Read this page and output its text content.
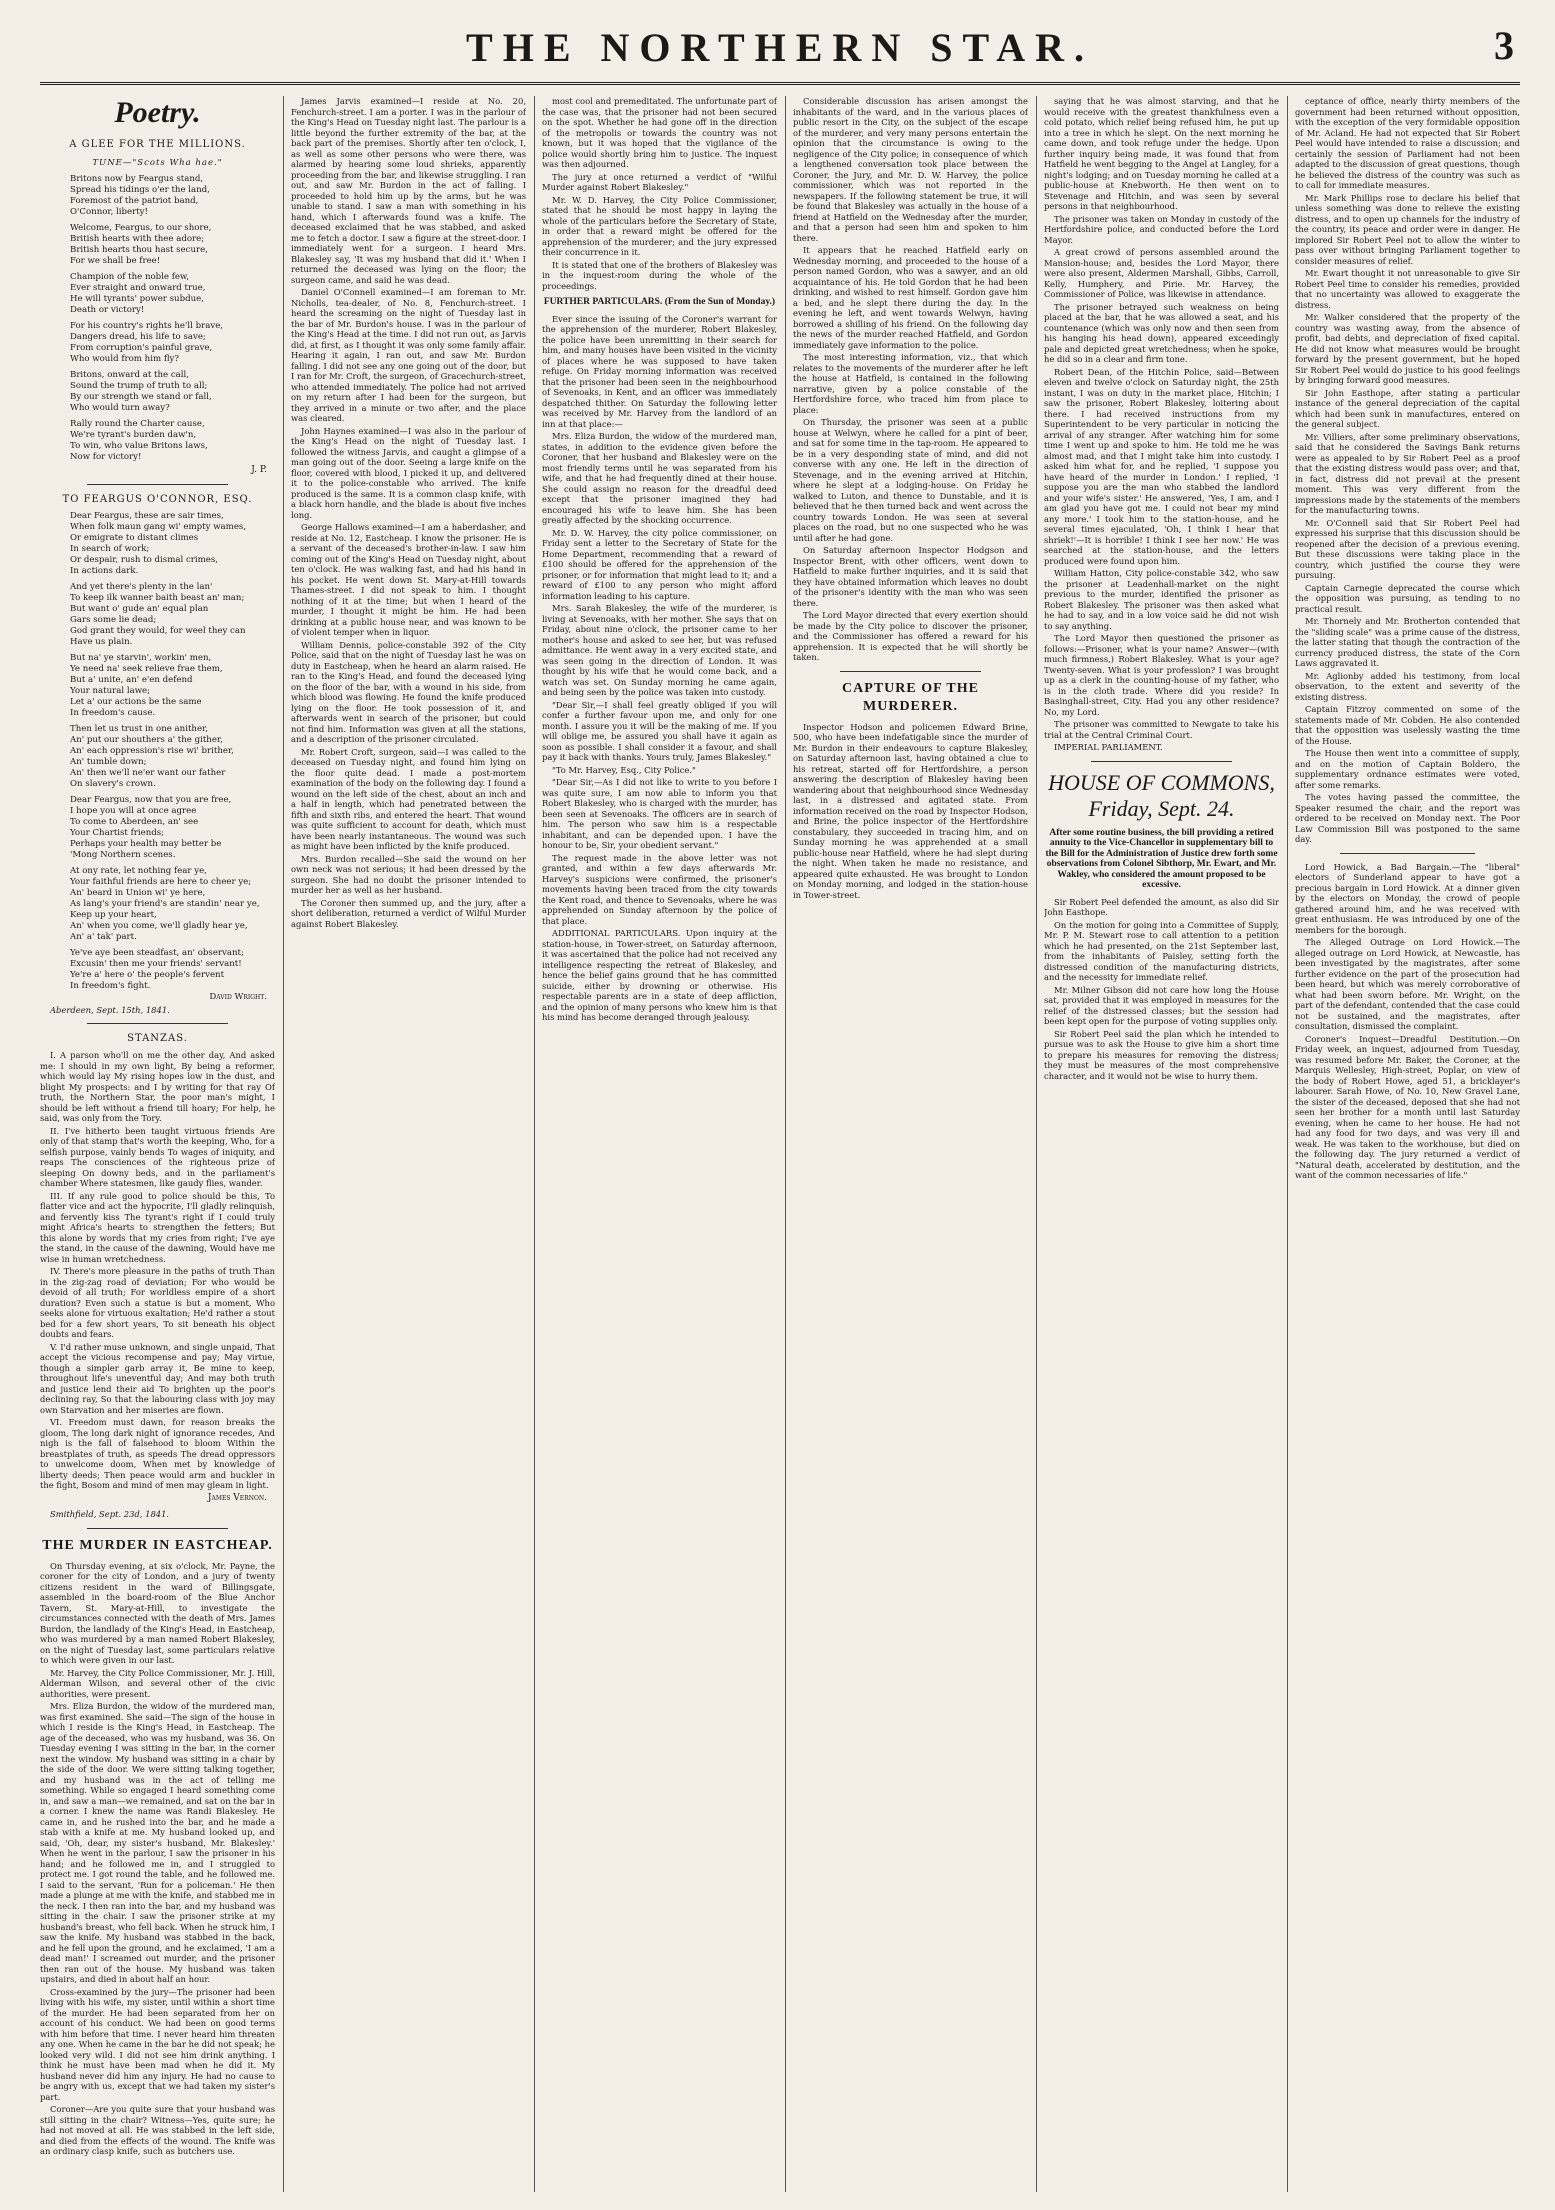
THE NORTHERN STAR.	3
Poetry.
A GLEE FOR THE MILLIONS.
TUNE—"Scots Wha hae."
Britons now by Feargus stand,
Spread his tidings o'er the land,
Foremost of the patriot band,
O'Connor, liberty!
Welcome, Feargus, to our shore,
British hearts with thee adore;
British hearts thou hast secure,
For we shall be free!
Champion of the noble few,
Ever straight and onward true,
He will tyrants' power subdue,
Death or victory!
For his country's rights he'll brave,
Dangers dread, his life to save;
From corruption's painful grave,
Who would from him fly?
Britons, onward at the call,
Sound the trump of truth to all;
By our strength we stand or fall,
Who would turn away?
Rally round the Charter cause,
We're tyrant's burden daw'n,
To win, who value Britons laws,
Now for victory!
J. P.
TO FEARGUS O'CONNOR, ESQ.
Dear Feargus, these are sair times,
When folk maun gang wi' empty wames,
Or emigrate to distant climes
In search of work;
Or despair, rush to dismal crimes,
In actions dark.
And yet there's plenty in the lan'
To keep ilk wanner baith beast an' man;
But want o' gude an' equal plan
Gars some lie dead;
God grant they would, for weel they can
Have us plain.
But na' ye starvin', workin' men,
Ye need na' seek relieve frae them,
But a' unite, an' e'en defend
Your natural lawe;
Let a' our actions be the same
In freedom's cause.
Then let us trust in one anither,
An' put our shouthers a' the gither,
An' each oppression's rise wi' brither,
An' tumble down;
An' then we'll ne'er want our father
On slavery's crown.
Dear Feargus, now that you are free,
I hope you will at once agree
To come to Aberdeen, an' see
Your Chartist friends;
Perhaps your health may better be
'Mong Northern scenes.
At ony rate, let nothing fear ye,
Your faithful friends are here to cheer ye;
An' beard in Union wi' ye here,
As lang's your friend's are standin' near ye,
Keep up your heart,
An' when you come, we'll gladly hear ye,
An' a' tak' part.
Ye've aye been steadfast, an' observant;
Excusin' then me your friends' servant!
Ye're a' here o' the people's fervent
In freedom's fight.
David Wright.
Aberdeen, Sept. 15th, 1841.
STANZAS.

I. A parson who'll on me the other day, And asked me: I should in my own light, By being a reformer, which would lay My rising hopes low in the dust, and blight My prospects: and I by writing for that ray Of truth, the Northern Star, the poor man's might, I should be left without a friend till hoary; For help, he said, was only from the Tory.

II. I've hitherto been taught virtuous friends Are only of that stamp that's worth the keeping, Who, for a selfish purpose, vainly bends To wages of iniquity, and reaps The consciences of the righteous prize of sleeping On downy beds, and in the parliament's chamber Where statesmen, like gaudy flies, wander.

III. If any rule good to police should be this, To flatter vice and act the hypocrite, I'll gladly relinquish, and fervently kiss The tyrant's right if I could truly might Africa's hearts to strengthen the fetters; But this alone by words that my cries from right; I've aye the stand, in the cause of the dawning, Would have me wise in human wretchedness.

IV. There's more pleasure in the paths of truth Than in the zig-zag road of deviation; For who would be devoid of all truth; For worldless empire of a short duration? Even such a statue is but a moment, Who seeks alone for virtuous exaltation; He'd rather a stout bed for a few short years, To sit beneath his object doubts and fears.

V. I'd rather muse unknown, and single unpaid, That accept the vicious recompense and pay; May virtue, though a simpler garb array it, Be mine to keep, throughout life's uneventful day; And may both truth and justice lend their aid To brighten up the poor's declining ray, So that the labouring class with joy may own Starvation and her miseries are flown.

VI. Freedom must dawn, for reason breaks the gloom, The long dark night of ignorance recedes, And nigh is the fall of falsehood to bloom Within the breastplates of truth, as speeds The dread oppressors to unwelcome doom, When met by knowledge of liberty deeds; Then peace would arm and buckler in the fight, Bosom and mind of men may gleam in light.

James Vernon.
Smithfield, Sept. 23d, 1841.
THE MURDER IN EASTCHEAP.

On Thursday evening, at six o'clock, Mr. Payne, the coroner for the city of London, and a jury of twenty citizens resident in the ward of Billingsgate, assembled in the board-room of the Blue Anchor Tavern, St. Mary-at-Hill, to investigate the circumstances connected with the death of Mrs. James Burdon, the landlady of the King's Head, in Eastcheap, who was murdered by a man named Robert Blakesley, on the night of Tuesday last, some particulars relative to which were given in our last.

Mr. Harvey, the City Police Commissioner, Mr. J. Hill, Alderman Wilson, and several other of the civic authorities, were present.

Mrs. Eliza Burdon, the widow of the murdered man, was first examined. She said—The sign of the house in which I reside is the King's Head, in Eastcheap. The age of the deceased, who was my husband, was 36. On Tuesday evening I was sitting in the bar, in the corner next the window. My husband was sitting in a chair by the side of the door. We were sitting talking together, and my husband was in the act of telling me something. While so engaged I heard something come in, and saw a man—we remained, and sat on the bar in a corner. I knew the name was Randi Blakesley. He came in, and he rushed into the bar, and he made a stab with a knife at me. My husband looked up, and said, 'Oh, dear, my sister's husband, Mr. Blakesley.' When he went in the parlour, I saw the prisoner in his hand; and he followed me in, and I struggled to protect me. I got round the table, and he followed me. I said to the servant, 'Run for a policeman.' He then made a plunge at me with the knife, and stabbed me in the neck. I then ran into the bar, and my husband was sitting in the chair. I saw the prisoner strike at my husband's breast, who fell back. When he struck him, I saw the knife. My husband was stabbed in the back, and he fell upon the ground, and he exclaimed, 'I am a dead man!' I screamed out murder, and the prisoner then ran out of the house. My husband was taken upstairs, and died in about half an hour.

Cross-examined by the jury—The prisoner had been living with his wife, my sister, until within a short time of the murder. He had been separated from her on account of his conduct. We had been on good terms with him before that time. I never heard him threaten any one. When he came in the bar he did not speak; he looked very wild. I did not see him drink anything. I think he must have been mad when he did it. My husband never did him any injury. He had no cause to be angry with us, except that we had taken my sister's part.

Coroner—Are you quite sure that your husband was still sitting in the chair? Witness—Yes, quite sure; he had not moved at all. He was stabbed in the left side, and died from the effects of the wound. The knife was an ordinary clasp knife, such as butchers use.

James Jarvis examined—I reside at No. 20, Fenchurch-street. I am a porter. I was in the parlour of the King's Head on Tuesday night last. The parlour is a little beyond the further extremity of the bar, at the back part of the premises. Shortly after ten o'clock, I, as well as some other persons who were there, was alarmed by hearing some loud shrieks, apparently proceeding from the bar, and likewise struggling. I ran out, and saw Mr. Burdon in the act of falling. I proceeded to hold him up by the arms, but he was unable to stand. I saw a man with something in his hand, which I afterwards found was a knife. The deceased exclaimed that he was stabbed, and asked me to fetch a doctor. I saw a figure at the street-door. I immediately went for a surgeon. I heard Mrs. Blakesley say, 'It was my husband that did it.' When I returned the deceased was lying on the floor; the surgeon came, and said he was dead.

Daniel O'Connell examined—I am foreman to Mr. Nicholls, tea-dealer, of No. 8, Fenchurch-street. I heard the screaming on the night of Tuesday last in the bar of Mr. Burdon's house. I was in the parlour of the King's Head at the time. I did not run out, as Jarvis did, at first, as I thought it was only some family affair. Hearing it again, I ran out, and saw Mr. Burdon falling. I did not see any one going out of the door, but I ran for Mr. Croft, the surgeon, of Gracechurch-street, who attended immediately. The police had not arrived on my return after I had been for the surgeon, but they arrived in a minute or two after, and the place was cleared.

John Haynes examined—I was also in the parlour of the King's Head on the night of Tuesday last. I followed the witness Jarvis, and caught a glimpse of a man going out of the door. Seeing a large knife on the floor, covered with blood, I picked it up, and delivered it to the police-constable who arrived. The knife produced is the same. It is a common clasp knife, with a black horn handle, and the blade is about five inches long.

George Hallows examined—I am a haberdasher, and reside at No. 12, Eastcheap. I know the prisoner. He is a servant of the deceased's brother-in-law. I saw him coming out of the King's Head on Tuesday night, about ten o'clock. He was walking fast, and had his hand in his pocket. He went down St. Mary-at-Hill towards Thames-street. I did not speak to him. I thought nothing of it at the time; but when I heard of the murder, I thought it might be him. He had been drinking at a public house near, and was known to be of violent temper when in liquor.

William Dennis, police-constable 392 of the City Police, said that on the night of Tuesday last he was on duty in Eastcheap, when he heard an alarm raised. He ran to the King's Head, and found the deceased lying on the floor of the bar, with a wound in his side, from which blood was flowing. He found the knife produced lying on the floor. He took possession of it, and afterwards went in search of the prisoner, but could not find him. Information was given at all the stations, and a description of the prisoner circulated.

Mr. Robert Croft, surgeon, said—I was called to the deceased on Tuesday night, and found him lying on the floor quite dead. I made a post-mortem examination of the body on the following day. I found a wound on the left side of the chest, about an inch and a half in length, which had penetrated between the fifth and sixth ribs, and entered the heart. That wound was quite sufficient to account for death, which must have been nearly instantaneous. The wound was such as might have been inflicted by the knife produced.

Mrs. Burdon recalled—She said the wound on her own neck was not serious; it had been dressed by the surgeon. She had no doubt the prisoner intended to murder her as well as her husband.

The Coroner then summed up, and the jury, after a short deliberation, returned a verdict of Wilful Murder against Robert Blakesley.

most cool and premeditated. The unfortunate part of the case was, that the prisoner had not been secured on the spot. Whether he had gone off in the direction of the metropolis or towards the country was not known, but it was hoped that the vigilance of the police would shortly bring him to justice. The inquest was then adjourned.

The jury at once returned a verdict of "Wilful Murder against Robert Blakesley."

Mr. W. D. Harvey, the City Police Commissioner, stated that he should be most happy in laying the whole of the particulars before the Secretary of State, in order that a reward might be offered for the apprehension of the murderer; and the jury expressed their concurrence in it.

It is stated that one of the brothers of Blakesley was in the inquest-room during the whole of the proceedings.

FURTHER PARTICULARS. (From the Sun of Monday.)

Ever since the issuing of the Coroner's warrant for the apprehension of the murderer, Robert Blakesley, the police have been unremitting in their search for him, and many houses have been visited in the vicinity of places where he was supposed to have taken refuge. On Friday morning information was received that the prisoner had been seen in the neighbourhood of Sevenoaks, in Kent, and an officer was immediately despatched thither. On Saturday the following letter was received by Mr. Harvey from the landlord of an inn at that place:—

Mrs. Eliza Burdon, the widow of the murdered man, states, in addition to the evidence given before the Coroner, that her husband and Blakesley were on the most friendly terms until he was separated from his wife, and that he had frequently dined at their house. She could assign no reason for the dreadful deed except that the prisoner imagined they had encouraged his wife to leave him. She has been greatly affected by the shocking occurrence.

Mr. D. W. Harvey, the city police commissioner, on Friday sent a letter to the Secretary of State for the Home Department, recommending that a reward of £100 should be offered for the apprehension of the prisoner, or for information that might lead to it; and a reward of £100 to any person who might afford information leading to his capture.

Mrs. Sarah Blakesley, the wife of the murderer, is living at Sevenoaks, with her mother. She says that on Friday, about nine o'clock, the prisoner came to her mother's house and asked to see her, but was refused admittance. He went away in a very excited state, and was seen going in the direction of London. It was thought by his wife that he would come back, and a watch was set. On Sunday morning he came again, and being seen by the police was taken into custody.

"Dear Sir,—I shall feel greatly obliged if you will confer a further favour upon me, and only for one month. I assure you it will be the making of me. If you will oblige me, be assured you shall have it again as soon as possible. I shall consider it a favour, and shall pay it back with thanks. Yours truly, James Blakesley."

"To Mr. Harvey, Esq., City Police."

"Dear Sir,—As I did not like to write to you before I was quite sure, I am now able to inform you that Robert Blakesley, who is charged with the murder, has been seen at Sevenoaks. The officers are in search of him. The person who saw him is a respectable inhabitant, and can be depended upon. I have the honour to be, Sir, your obedient servant."

The request made in the above letter was not granted, and within a few days afterwards Mr. Harvey's suspicions were confirmed, the prisoner's movements having been traced from the city towards the Kent road, and thence to Sevenoaks, where he was apprehended on Sunday afternoon by the police of that place.

ADDITIONAL PARTICULARS. Upon inquiry at the station-house, in Tower-street, on Saturday afternoon, it was ascertained that the police had not received any intelligence respecting the retreat of Blakesley, and hence the belief gains ground that he has committed suicide, either by drowning or otherwise. His respectable parents are in a state of deep affliction, and the opinion of many persons who knew him is that his mind has become deranged through jealousy.

Considerable discussion has arisen amongst the inhabitants of the ward, and in the various places of public resort in the City, on the subject of the escape of the murderer, and very many persons entertain the opinion that the circumstance is owing to the negligence of the City police; in consequence of which a lengthened conversation took place between the Coroner, the Jury, and Mr. D. W. Harvey, the police commissioner, which was not reported in the newspapers. If the following statement be true, it will be found that Blakesley was actually in the house of a friend at Hatfield on the Wednesday after the murder, and that a person had seen him and spoken to him there.

It appears that he reached Hatfield early on Wednesday morning, and proceeded to the house of a person named Gordon, who was a sawyer, and an old acquaintance of his. He told Gordon that he had been drinking, and wished to rest himself. Gordon gave him a bed, and he slept there during the day. In the evening he left, and went towards Welwyn, having borrowed a shilling of his friend. On the following day the news of the murder reached Hatfield, and Gordon immediately gave information to the police.

The most interesting information, viz., that which relates to the movements of the murderer after he left the house at Hatfield, is contained in the following narrative, given by a police constable of the Hertfordshire force, who traced him from place to place:

On Thursday, the prisoner was seen at a public house at Welwyn, where he called for a pint of beer, and sat for some time in the tap-room. He appeared to be in a very desponding state of mind, and did not converse with any one. He left in the direction of Stevenage, and in the evening arrived at Hitchin, where he slept at a lodging-house. On Friday he walked to Luton, and thence to Dunstable, and it is believed that he then turned back and went across the country towards London. He was seen at several places on the road, but no one suspected who he was until after he had gone.

On Saturday afternoon Inspector Hodgson and Inspector Brent, with other officers, went down to Hatfield to make further inquiries, and it is said that they have obtained information which leaves no doubt of the prisoner's identity with the man who was seen there.

The Lord Mayor directed that every exertion should be made by the City police to discover the prisoner, and the Commissioner has offered a reward for his apprehension. It is expected that he will shortly be taken.

CAPTURE OF THE MURDERER.

Inspector Hodson and policemen Edward Brine, 500, who have been indefatigable since the murder of Mr. Burdon in their endeavours to capture Blakesley, on Saturday afternoon last, having obtained a clue to his retreat, started off for Hertfordshire, a person answering the description of Blakesley having been wandering about that neighbourhood since Wednesday last, in a distressed and agitated state. From information received on the road by Inspector Hodson, and Brine, the police inspector of the Hertfordshire constabulary, they succeeded in tracing him, and on Sunday morning he was apprehended at a small public-house near Hatfield, where he had slept during the night. When taken he made no resistance, and appeared quite exhausted. He was brought to London on Monday morning, and lodged in the station-house in Tower-street.

saying that he was almost starving, and that he would receive with the greatest thankfulness even a cold potato, which relief being refused him, he put up into a tree in which he slept. On the next morning he came down, and took refuge under the hedge. Upon further inquiry being made, it was found that from Hatfield he went begging to the Angel at Langley, for a night's lodging; and on Tuesday morning he called at a public-house at Knebworth. He then went on to Stevenage and Hitchin, and was seen by several persons in that neighbourhood.

The prisoner was taken on Monday in custody of the Hertfordshire police, and conducted before the Lord Mayor.

A great crowd of persons assembled around the Mansion-house; and, besides the Lord Mayor, there were also present, Aldermen Marshall, Gibbs, Carroll, Kelly, Humphery, and Pirie. Mr. Harvey, the Commissioner of Police, was likewise in attendance.

The prisoner betrayed such weakness on being placed at the bar, that he was allowed a seat, and his countenance (which was only now and then seen from his hanging his head down), appeared exceedingly pale and depicted great wretchedness; when he spoke, he did so in a clear and firm tone.

Robert Dean, of the Hitchin Police, said—Between eleven and twelve o'clock on Saturday night, the 25th instant, I was on duty in the market place, Hitchin; I saw the prisoner, Robert Blakesley, loitering about there. I had received instructions from my Superintendent to be very particular in noticing the arrival of any stranger. After watching him for some time I went up and spoke to him. He told me he was almost mad, and that I might take him into custody. I asked him what for, and he replied, 'I suppose you have heard of the murder in London.' I replied, 'I suppose you are the man who stabbed the landlord and your wife's sister.' He answered, 'Yes, I am, and I am glad you have got me. I could not bear my mind any more.' I took him to the station-house, and he several times ejaculated, 'Oh, I think I hear that shriek!'—It is horrible! I think I see her now.' He was searched at the station-house, and the letters produced were found upon him.

William Hatton, City police-constable 342, who saw the prisoner at Leadenhall-market on the night previous to the murder, identified the prisoner as Robert Blakesley. The prisoner was then asked what he had to say, and in a low voice said he did not wish to say anything.

The Lord Mayor then questioned the prisoner as follows:—Prisoner, what is your name? Answer—(with much firmness,) Robert Blakesley. What is your age? Twenty-seven. What is your profession? I was brought up as a clerk in the counting-house of my father, who is in the cloth trade. Where did you reside? In Basinghall-street, City. Had you any other residence? No, my Lord.

The prisoner was committed to Newgate to take his trial at the Central Criminal Court.

IMPERIAL PARLIAMENT.

HOUSE OF COMMONS, Friday, Sept. 24.
After some routine business, the bill providing a retired annuity to the Vice-Chancellor in supplementary bill to the Bill for the Administration of Justice drew forth some observations from Colonel Sibthorp, Mr. Ewart, and Mr. Wakley, who considered the amount proposed to be excessive.

Sir Robert Peel defended the amount, as also did Sir John Easthope.

On the motion for going into a Committee of Supply, Mr. P. M. Stewart rose to call attention to a petition which he had presented, on the 21st September last, from the inhabitants of Paisley, setting forth the distressed condition of the manufacturing districts, and the necessity for immediate relief.

Mr. Milner Gibson did not care how long the House sat, provided that it was employed in measures for the relief of the distressed classes; but the session had been kept open for the purpose of voting supplies only.

Sir Robert Peel said the plan which he intended to pursue was to ask the House to give him a short time to prepare his measures for removing the distress; they must be measures of the most comprehensive character, and it would not be wise to hurry them.

ceptance of office, nearly thirty members of the government had been returned without opposition, with the exception of the very formidable opposition of Mr. Acland. He had not expected that Sir Robert Peel would have intended to raise a discussion; and certainly the session of Parliament had not been adapted to the discussion of great questions, though he believed the distress of the country was such as to call for immediate measures.

Mr. Mark Phillips rose to declare his belief that unless something was done to relieve the existing distress, and to open up channels for the industry of the country, its peace and order were in danger. He implored Sir Robert Peel not to allow the winter to pass over without bringing Parliament together to consider measures of relief.

Mr. Ewart thought it not unreasonable to give Sir Robert Peel time to consider his remedies, provided that no uncertainty was allowed to exaggerate the distress.

Mr. Walker considered that the property of the country was wasting away, from the absence of profit, bad debts, and depreciation of fixed capital. He did not know what measures would be brought forward by the present government, but he hoped Sir Robert Peel would do justice to his good feelings by bringing forward good measures.

Sir John Easthope, after stating a particular instance of the general depreciation of the capital which had been sunk in manufactures, entered on the general subject.

Mr. Villiers, after some preliminary observations, said that he considered the Savings Bank returns were as appealed to by Sir Robert Peel as a proof that the existing distress would pass over; and that, in fact, distress did not prevail at the present moment. This was very different from the impressions made by the statements of the members for the manufacturing towns.

Mr. O'Connell said that Sir Robert Peel had expressed his surprise that this discussion should be reopened after the decision of a previous evening. But these discussions were taking place in the country, which justified the course they were pursuing.

Captain Carnegie deprecated the course which the opposition was pursuing, as tending to no practical result.

Mr. Thornely and Mr. Brotherton contended that the "sliding scale" was a prime cause of the distress, the latter stating that though the contraction of the currency produced distress, the state of the Corn Laws aggravated it.

Mr. Aglionby added his testimony, from local observation, to the extent and severity of the existing distress.

Captain Fitzroy commented on some of the statements made of Mr. Cobden. He also contended that the opposition was uselessly wasting the time of the House.

The House then went into a committee of supply, and on the motion of Captain Boldero, the supplementary ordnance estimates were voted, after some remarks.

The votes having passed the committee, the Speaker resumed the chair, and the report was ordered to be received on Monday next. The Poor Law Commission Bill was postponed to the same day.

Lord Howick, a Bad Bargain.—The "liberal" electors of Sunderland appear to have got a precious bargain in Lord Howick. At a dinner given by the electors on Monday, the crowd of people gathered around him, and he was received with great enthusiasm. He was introduced by one of the members for the borough.

The Alleged Outrage on Lord Howick.—The alleged outrage on Lord Howick, at Newcastle, has been investigated by the magistrates, after some further evidence on the part of the prosecution had been heard, but which was merely corroborative of what had been sworn before. Mr. Wright, on the part of the defendant, contended that the case could not be sustained, and the magistrates, after consultation, dismissed the complaint.

Coroner's Inquest—Dreadful Destitution.—On Friday week, an inquest, adjourned from Tuesday, was resumed before Mr. Baker, the Coroner, at the Marquis Wellesley, High-street, Poplar, on view of the body of Robert Howe, aged 51, a bricklayer's labourer. Sarah Howe, of No. 10, New Gravel Lane, the sister of the deceased, deposed that she had not seen her brother for a month until last Saturday evening, when he came to her house. He had not had any food for two days, and was very ill and weak. He was taken to the workhouse, but died on the following day. The jury returned a verdict of "Natural death, accelerated by destitution, and the want of the common necessaries of life."
